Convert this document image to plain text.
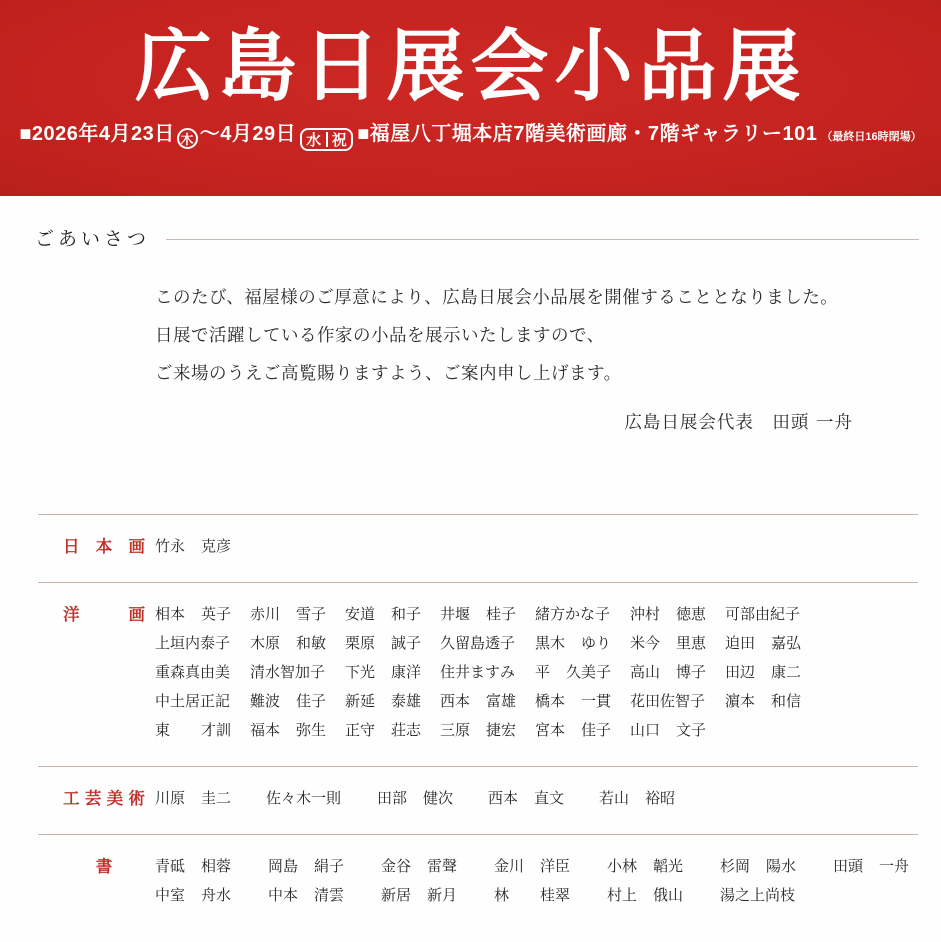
広島日展会小品展
■2026年4月23日 木 ～4月29日 水 祝 ■福屋八丁堀本店7階美術画廊・7階ギャラリー101 （最終日16時閉場）
ごあいさつ

このたび、福屋様のご厚意により、広島日展会小品展を開催することとなりました。

日展で活躍している作家の小品を展示いたしますので、

ご来場のうえご高覧賜りますよう、ご案内申し上げます。

広島日展会代表　田頭 一舟

日 本 画 竹永 克彦
洋	画 相本 英子 赤川 雪子 安道 和子 井堰 桂子 緒方かな子 沖村 徳恵 可部由紀子
上垣内泰子 木原 和敏 栗原 誠子 久留島透子 黒木 ゆり 米今 里恵 迫田 嘉弘
重森真由美 清水智加子 下光 康洋 住井ますみ 平 久美子 高山 博子 田辺 康二
中土居正記 難波 佳子 新延 泰雄 西本 富雄 橋本 一貫 花田佐智子 濵本 和信
東 才訓 福本 弥生 正守 荘志 三原 捷宏 宮本 佳子 山口 文子
工 芸 美 術 川原 圭二 佐々木一則 田部 健次 西本 直文 若山 裕昭
書	青砥 相蓉 岡島 絹子 金谷 雷聲 金川 洋臣 小林 韜光 杉岡 陽水 田頭 一舟
中室 舟水 中本 清雲 新居 新月 林 桂翠 村上 俄山 湯之上尚枝
